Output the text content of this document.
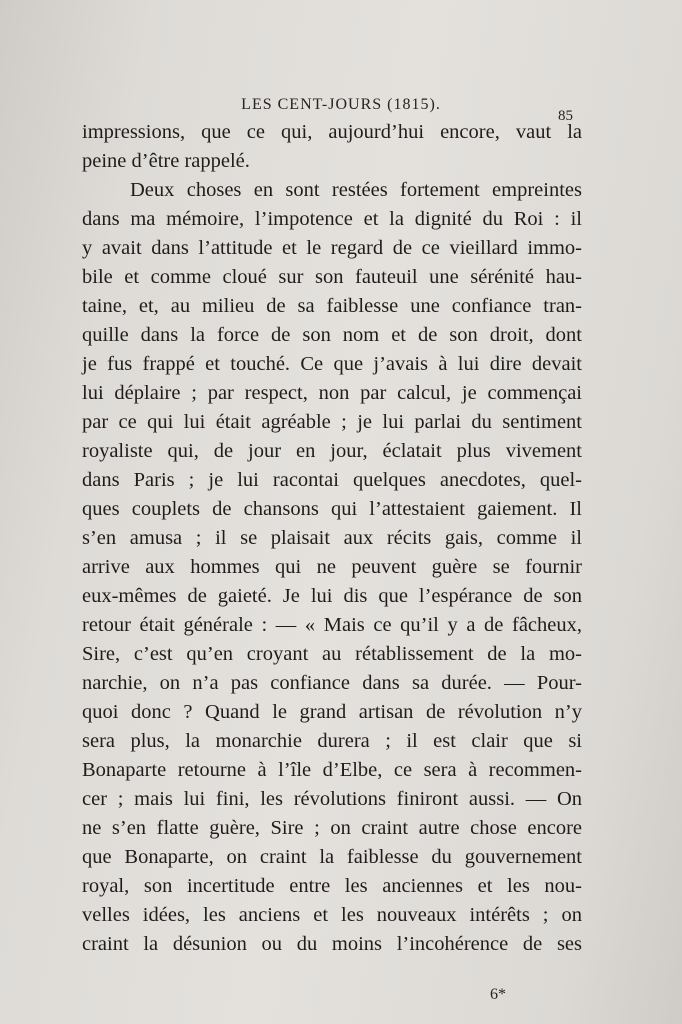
LES CENT-JOURS (1815).
85
impressions, que ce qui, aujourd’hui encore, vaut la
peine d’être rappelé.
Deux choses en sont restées fortement empreintes
dans ma mémoire, l’impotence et la dignité du Roi : il
y avait dans l’attitude et le regard de ce vieillard immo-
bile et comme cloué sur son fauteuil une sérénité hau-
taine, et, au milieu de sa faiblesse une confiance tran-
quille dans la force de son nom et de son droit, dont
je fus frappé et touché. Ce que j’avais à lui dire devait
lui déplaire ; par respect, non par calcul, je commençai
par ce qui lui était agréable ; je lui parlai du sentiment
royaliste qui, de jour en jour, éclatait plus vivement
dans Paris ; je lui racontai quelques anecdotes, quel-
ques couplets de chansons qui l’attestaient gaiement. Il
s’en amusa ; il se plaisait aux récits gais, comme il
arrive aux hommes qui ne peuvent guère se fournir
eux-mêmes de gaieté. Je lui dis que l’espérance de son
retour était générale : — « Mais ce qu’il y a de fâcheux,
Sire, c’est qu’en croyant au rétablissement de la mo-
narchie, on n’a pas confiance dans sa durée. — Pour-
quoi donc ? Quand le grand artisan de révolution n’y
sera plus, la monarchie durera ; il est clair que si
Bonaparte retourne à l’île d’Elbe, ce sera à recommen-
cer ; mais lui fini, les révolutions finiront aussi. — On
ne s’en flatte guère, Sire ; on craint autre chose encore
que Bonaparte, on craint la faiblesse du gouvernement
royal, son incertitude entre les anciennes et les nou-
velles idées, les anciens et les nouveaux intérêts ; on
craint la désunion ou du moins l’incohérence de ses
6*
